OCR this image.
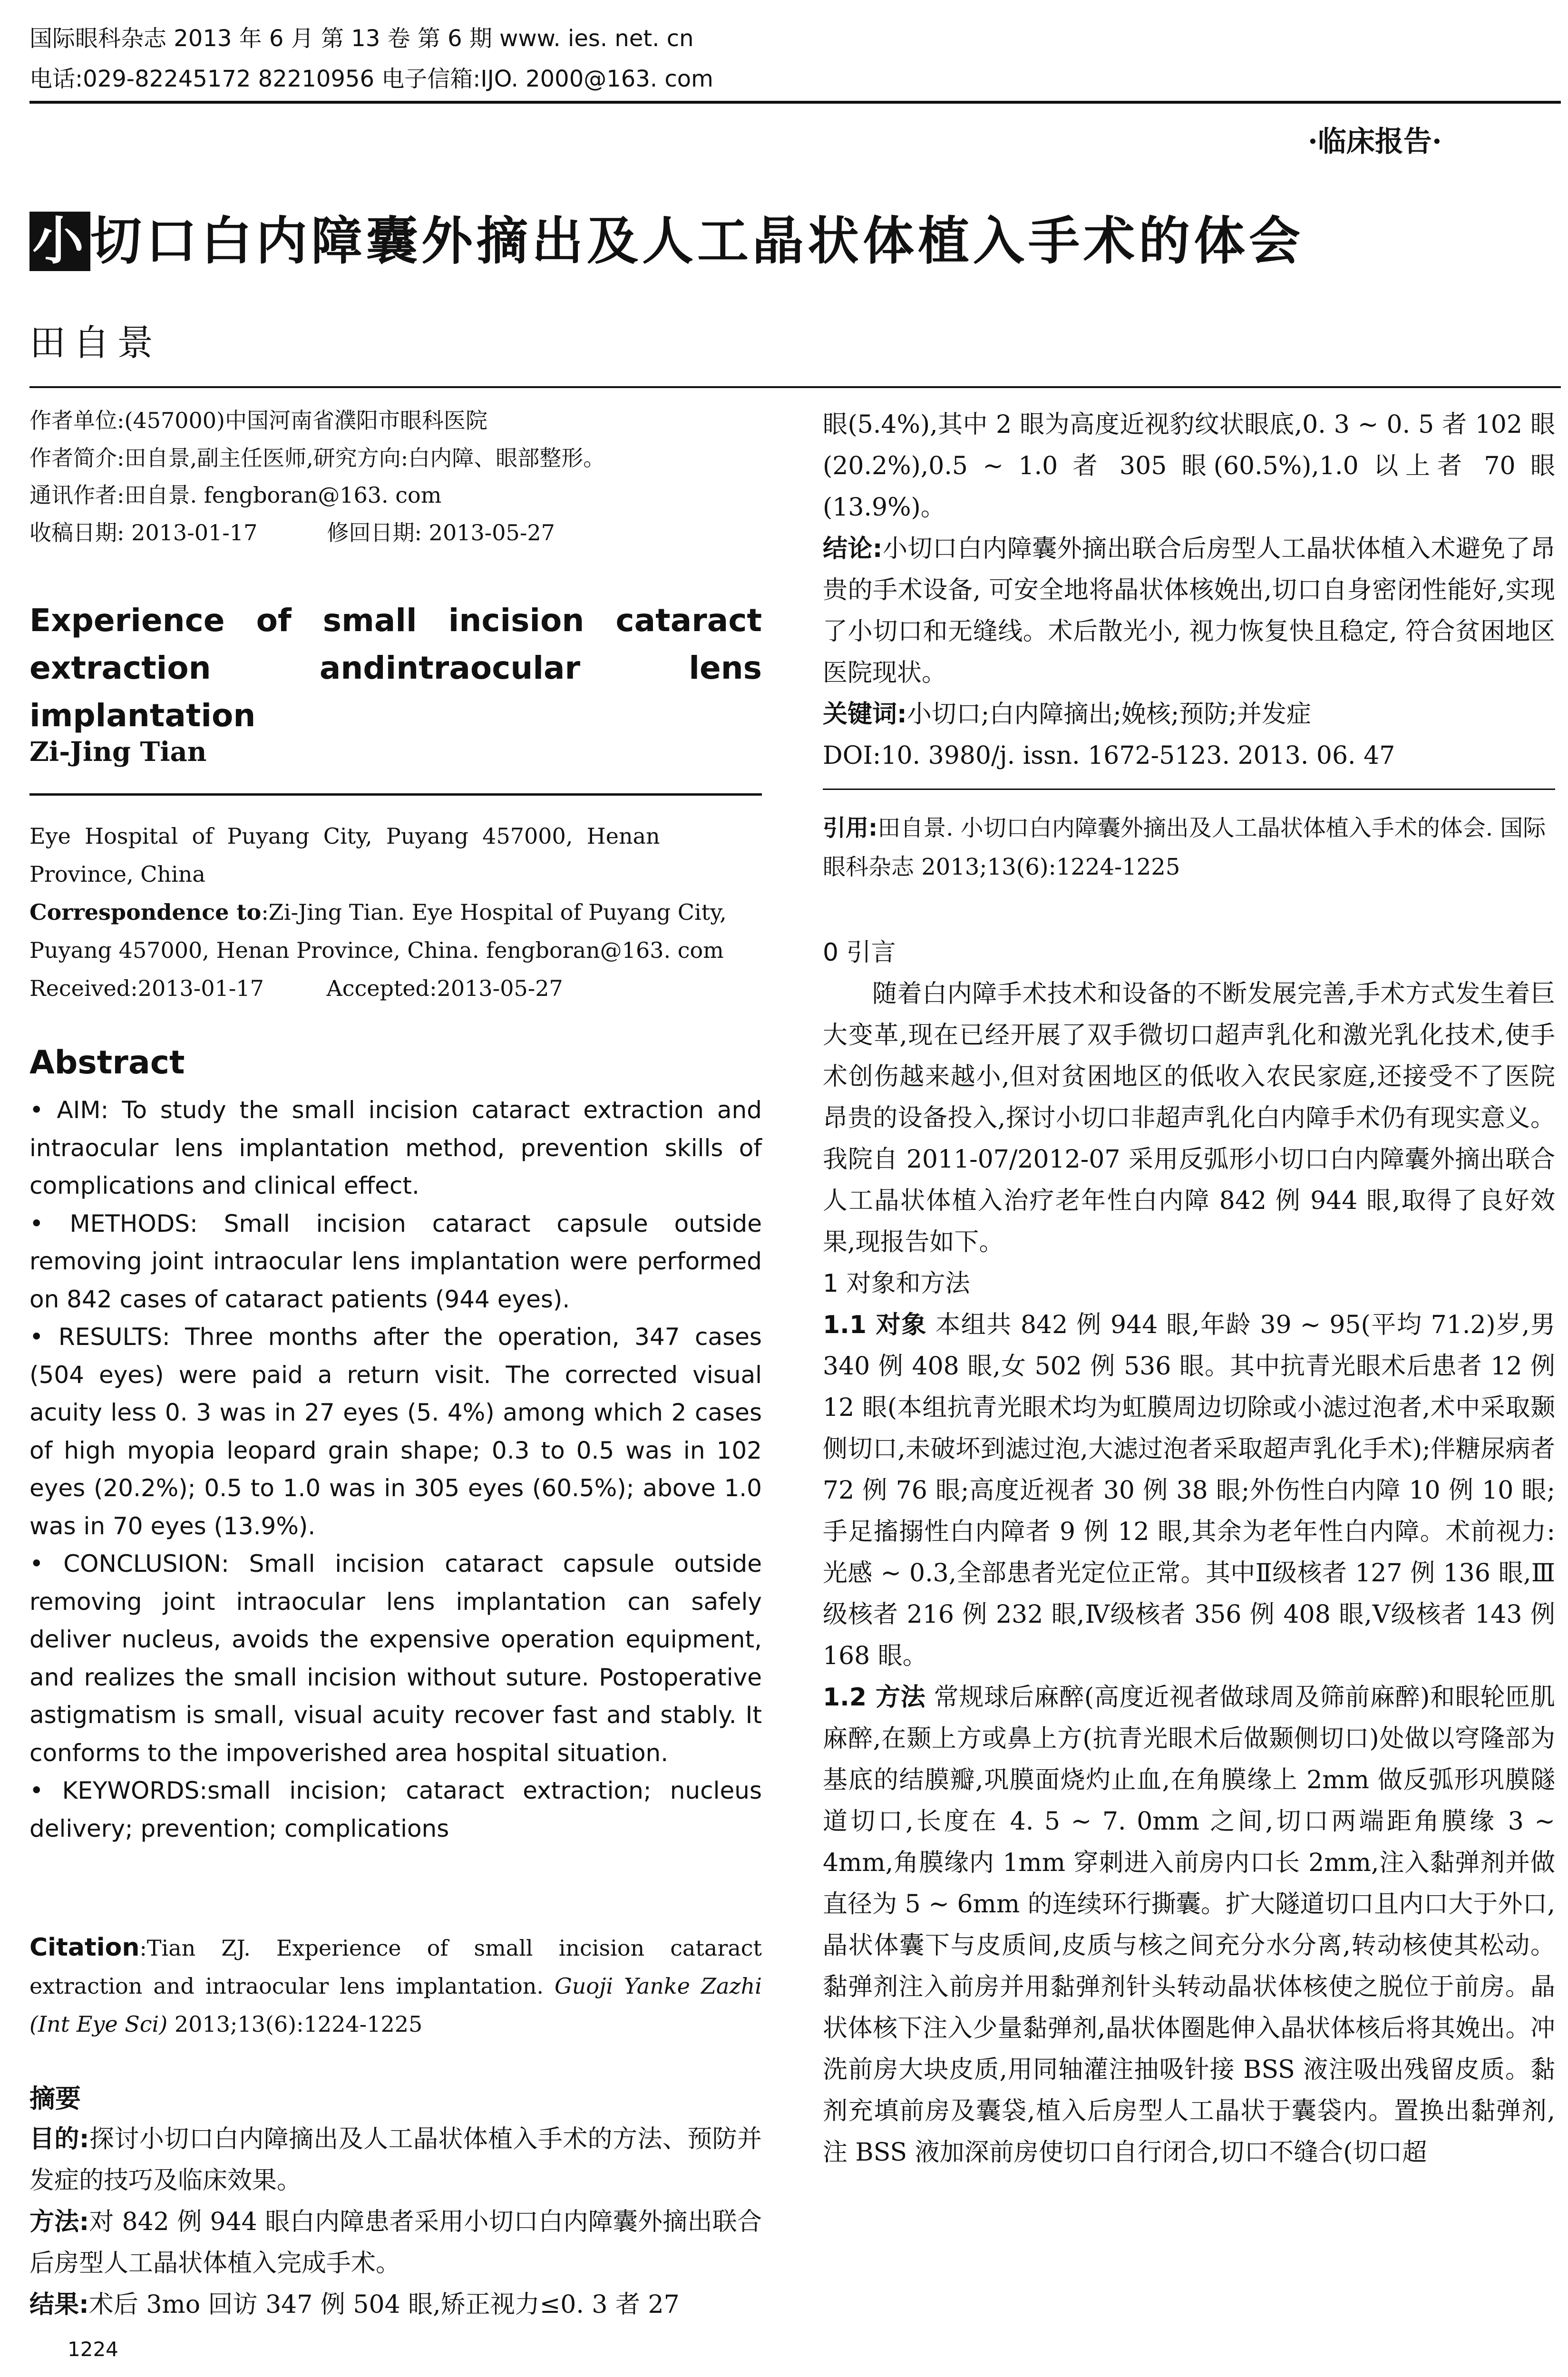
国际眼科杂志 2013 年 6 月 第 13 卷 第 6 期 www. ies. net. cn
电话:029-82245172 82210956 电子信箱:IJO. 2000@163. com
·临床报告·
小切口白内障囊外摘出及人工晶状体植入手术的体会
田自景

作者单位:(457000)中国河南省濮阳市眼科医院

作者简介:田自景,副主任医师,研究方向:白内障、眼部整形。

通讯作者:田自景. fengboran@163. com

收稿日期: 2013-01-17          修回日期: 2013-05-27

Experience of small incision cataract
extraction andintraocular lens implantation
Zi-Jing Tian
Eye  Hospital  of  Puyang  City,  Puyang  457000,  Henan
Province, China
Correspondence to:Zi-Jing Tian. Eye Hospital of Puyang City,
Puyang 457000, Henan Province, China. fengboran@163. com
Received:2013-01-17         Accepted:2013-05-27
Abstract

• AIM: To study the small incision cataract extraction and intraocular lens implantation method, prevention skills of complications and clinical effect.

• METHODS: Small incision cataract capsule outside removing joint intraocular lens implantation were performed on 842 cases of cataract patients (944 eyes).

• RESULTS: Three months after the operation, 347 cases (504 eyes) were paid a return visit. The corrected visual acuity less 0. 3 was in 27 eyes (5. 4%) among which 2 cases of high myopia leopard grain shape; 0.3 to 0.5 was in 102 eyes (20.2%); 0.5 to 1.0 was in 305 eyes (60.5%); above 1.0 was in 70 eyes (13.9%).

• CONCLUSION: Small incision cataract capsule outside removing joint intraocular lens implantation can safely deliver nucleus, avoids the expensive operation equipment, and realizes the small incision without suture. Postoperative astigmatism is small, visual acuity recover fast and stably. It conforms to the impoverished area hospital situation.

• KEYWORDS:small incision; cataract extraction; nucleus delivery; prevention; complications

Citation:Tian ZJ. Experience of small incision cataract extraction and intraocular lens implantation. Guoji Yanke Zazhi (Int Eye Sci) 2013;13(6):1224-1225
摘要

目的:探讨小切口白内障摘出及人工晶状体植入手术的方法、预防并发症的技巧及临床效果。

方法:对 842 例 944 眼白内障患者采用小切口白内障囊外摘出联合后房型人工晶状体植入完成手术。

结果:术后 3mo 回访 347 例 504 眼,矫正视力≤0. 3 者 27

1224

眼(5.4%),其中 2 眼为高度近视豹纹状眼底,0. 3 ~ 0. 5 者 102 眼(20.2%),0.5 ~ 1.0 者 305 眼(60.5%),1.0 以上者 70 眼(13.9%)。

结论:小切口白内障囊外摘出联合后房型人工晶状体植入术避免了昂贵的手术设备, 可安全地将晶状体核娩出,切口自身密闭性能好,实现了小切口和无缝线。术后散光小, 视力恢复快且稳定, 符合贫困地区医院现状。

关键词:小切口;白内障摘出;娩核;预防;并发症

DOI:10. 3980/j. issn. 1672-5123. 2013. 06. 47

引用:田自景. 小切口白内障囊外摘出及人工晶状体植入手术的体会. 国际眼科杂志 2013;13(6):1224-1225

0 引言

随着白内障手术技术和设备的不断发展完善,手术方式发生着巨大变革,现在已经开展了双手微切口超声乳化和激光乳化技术,使手术创伤越来越小,但对贫困地区的低收入农民家庭,还接受不了医院昂贵的设备投入,探讨小切口非超声乳化白内障手术仍有现实意义。我院自 2011-07/2012-07 采用反弧形小切口白内障囊外摘出联合人工晶状体植入治疗老年性白内障 842 例 944 眼,取得了良好效果,现报告如下。

1 对象和方法

1.1 对象 本组共 842 例 944 眼,年龄 39 ~ 95(平均 71.2)岁,男 340 例 408 眼,女 502 例 536 眼。其中抗青光眼术后患者 12 例 12 眼(本组抗青光眼术均为虹膜周边切除或小滤过泡者,术中采取颞侧切口,未破坏到滤过泡,大滤过泡者采取超声乳化手术);伴糖尿病者 72 例 76 眼;高度近视者 30 例 38 眼;外伤性白内障 10 例 10 眼;手足搐搦性白内障者 9 例 12 眼,其余为老年性白内障。术前视力:光感 ~ 0.3,全部患者光定位正常。其中Ⅱ级核者 127 例 136 眼,Ⅲ级核者 216 例 232 眼,Ⅳ级核者 356 例 408 眼,Ⅴ级核者 143 例 168 眼。

1.2 方法 常规球后麻醉(高度近视者做球周及筛前麻醉)和眼轮匝肌麻醉,在颞上方或鼻上方(抗青光眼术后做颞侧切口)处做以穹隆部为基底的结膜瓣,巩膜面烧灼止血,在角膜缘上 2mm 做反弧形巩膜隧道切口,长度在 4. 5 ~ 7. 0mm 之间,切口两端距角膜缘 3 ~ 4mm,角膜缘内 1mm 穿刺进入前房内口长 2mm,注入黏弹剂并做直径为 5 ~ 6mm 的连续环行撕囊。扩大隧道切口且内口大于外口,晶状体囊下与皮质间,皮质与核之间充分水分离,转动核使其松动。黏弹剂注入前房并用黏弹剂针头转动晶状体核使之脱位于前房。晶状体核下注入少量黏弹剂,晶状体圈匙伸入晶状体核后将其娩出。冲洗前房大块皮质,用同轴灌注抽吸针接 BSS 液注吸出残留皮质。黏剂充填前房及囊袋,植入后房型人工晶状于囊袋内。置换出黏弹剂,注 BSS 液加深前房使切口自行闭合,切口不缝合(切口超
